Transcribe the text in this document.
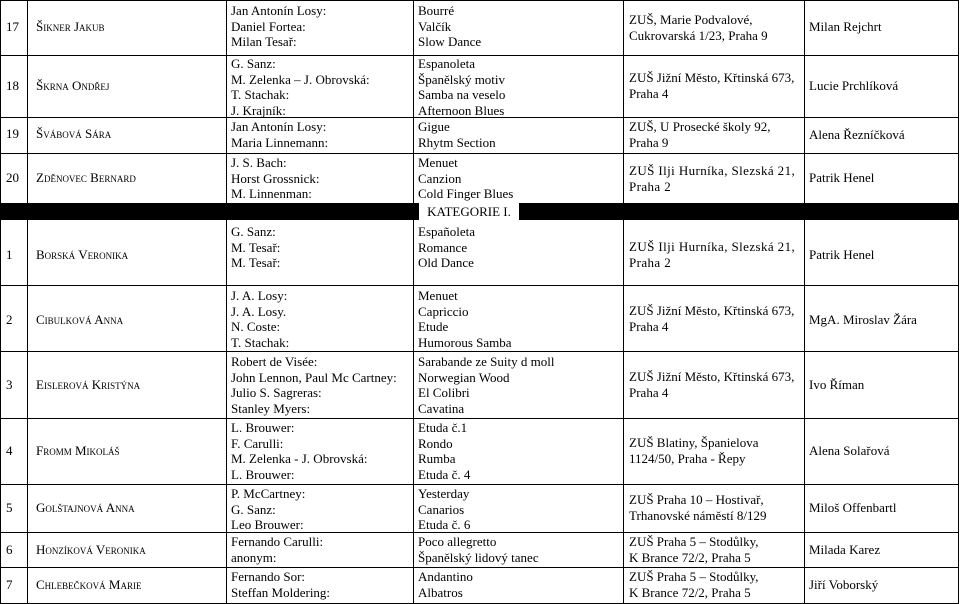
KATEGORIE I.
17 Šikner Jakub
Jan Antonín Losy:
Daniel Fortea:
Milan Tesař:
Bourré
Valčík
Slow Dance
ZUŠ, Marie Podvalové,
Cukrovarská 1/23, Praha 9
Milan Rejchrt
18 Škrna Ondřej
G. Sanz:
M. Zelenka – J. Obrovská:
T. Stachak:
J. Krajník:
Espanoleta
Španělský motiv
Samba na veselo
Afternoon Blues
ZUŠ Jižní Město, Křtinská 673,
Praha 4
Lucie Prchlíková
19 Švábová Sára	Jan Antonín Losy:
Maria Linnemann:
Gigue
Rhytm Section
ZUŠ, U Prosecké školy 92,
Praha 9
Alena Řezníčková
20 Zděnovec Bernard
J. S. Bach:
Horst Grossnick:
M. Linnenman:
Menuet
Canzion
Cold Finger Blues
ZUŠ Ilji Hurníka, Slezská 21,
Praha 2
Patrik Henel
1 Borská Veronika
G. Sanz:
M. Tesař:
M. Tesař:
Españoleta
Romance
Old Dance
ZUŠ Ilji Hurníka, Slezská 21,
Praha 2
Patrik Henel
2 Cibulková Anna
J. A. Losy:
J. A. Losy.
N. Coste:
T. Stachak:
Menuet
Capriccio
Etude
Humorous Samba
ZUŠ Jižní Město, Křtinská 673,
Praha 4	MgA. Miroslav Žára
3 Eislerová Kristýna
Robert de Visée:
John Lennon, Paul Mc Cartney:
Julio S. Sagreras:
Stanley Myers:
Sarabande ze Suity d moll
Norwegian Wood
El Colibri
Cavatina
ZUŠ Jižní Město, Křtinská 673,
Praha 4
Ivo Říman
4 Fromm Mikoláš
L. Brouwer:
F. Carulli:
M. Zelenka - J. Obrovská:
L. Brouwer:
Etuda č.1
Rondo
Rumba
Etuda č. 4
ZUŠ Blatiny, Španielova
1124/50, Praha - Řepy
Alena Solařová
5 Golštajnová Anna
P. McCartney:
G. Sanz:
Leo Brouwer:
Yesterday
Canarios
Etuda č. 6
ZUŠ Praha 10 – Hostivař,
Trhanovské náměstí 8/129
Miloš Offenbartl
6 Honzíková Veronika
Fernando Carulli:
anonym:
Poco allegretto
Španělský lidový tanec
ZUŠ Praha 5 – Stodůlky,
K Brance 72/2, Praha 5
Milada Karez
7 Chlebečková Marie
Fernando Sor:
Steffan Moldering:
Andantino
Albatros
ZUŠ Praha 5 – Stodůlky,
K Brance 72/2, Praha 5
Jiří Voborský
